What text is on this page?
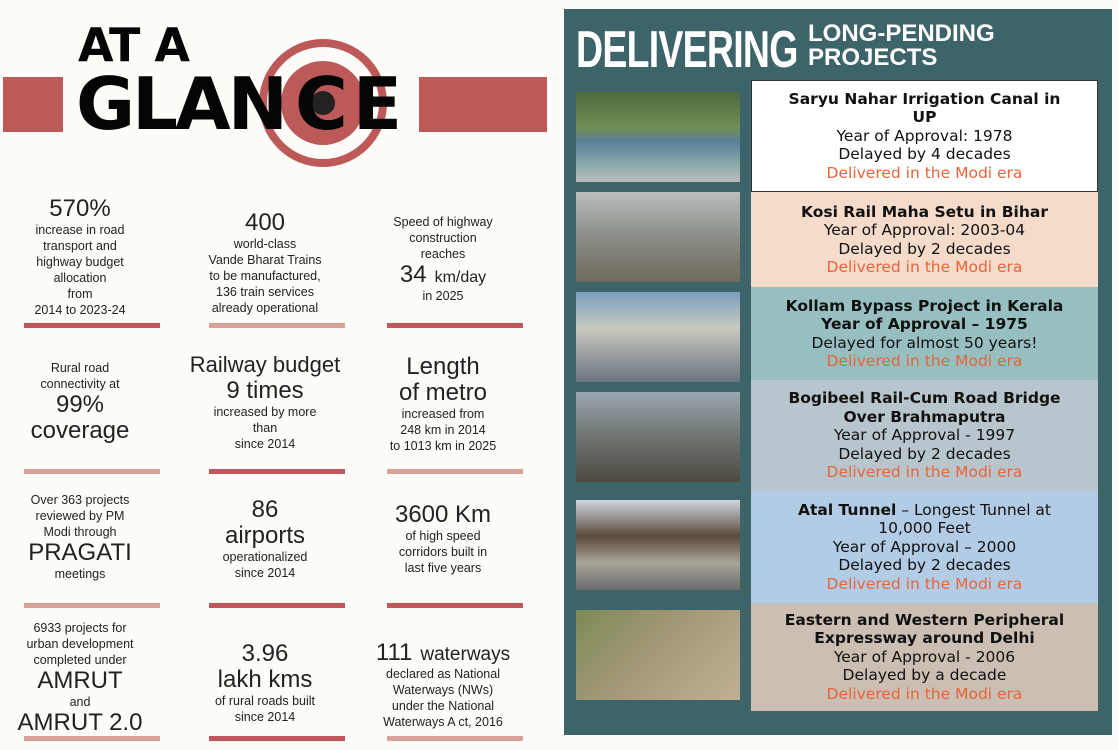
AT A
GLAN C E
570%
increase in road
transport and
highway budget
allocation
from
2014 to 2023-24
400
world-class
Vande Bharat Trains
to be manufactured,
136 train services
already operational
Speed of highway
construction
reaches
34 km/day
in 2025
Rural road
connectivity at
99%
coverage
Railway budget
9 times
increased by more
than
since 2014
Length
of metro
increased from
248 km in 2014
to 1013 km in 2025
Over 363 projects
reviewed by PM
Modi through
PRAGATI
meetings
86
airports
operationalized
since 2014
3600 Km
of high speed
corridors built in
last five years
6933 projects for
urban development
completed under
AMRUT
and
AMRUT 2.0
3.96
lakh kms
of rural roads built
since 2014
111 waterways
declared as National
Waterways (NWs)
under the National
Waterways A ct, 2016
DELIVERING LONG-PENDING
PROJECTS
Saryu Nahar Irrigation Canal in UP
Year of Approval: 1978
Delayed by 4 decades
Delivered in the Modi era
Kosi Rail Maha Setu in Bihar
Year of Approval: 2003-04
Delayed by 2 decades
Delivered in the Modi era
Kollam Bypass Project in Kerala
Year of Approval – 1975
Delayed for almost 50 years!
Delivered in the Modi era
Bogibeel Rail-Cum Road Bridge Over Brahmaputra
Year of Approval - 1997
Delayed by 2 decades
Delivered in the Modi era
Atal Tunnel – Longest Tunnel at 10,000 Feet
Year of Approval – 2000
Delayed by 2 decades
Delivered in the Modi era
Eastern and Western Peripheral Expressway around Delhi
Year of Approval - 2006
Delayed by a decade
Delivered in the Modi era
